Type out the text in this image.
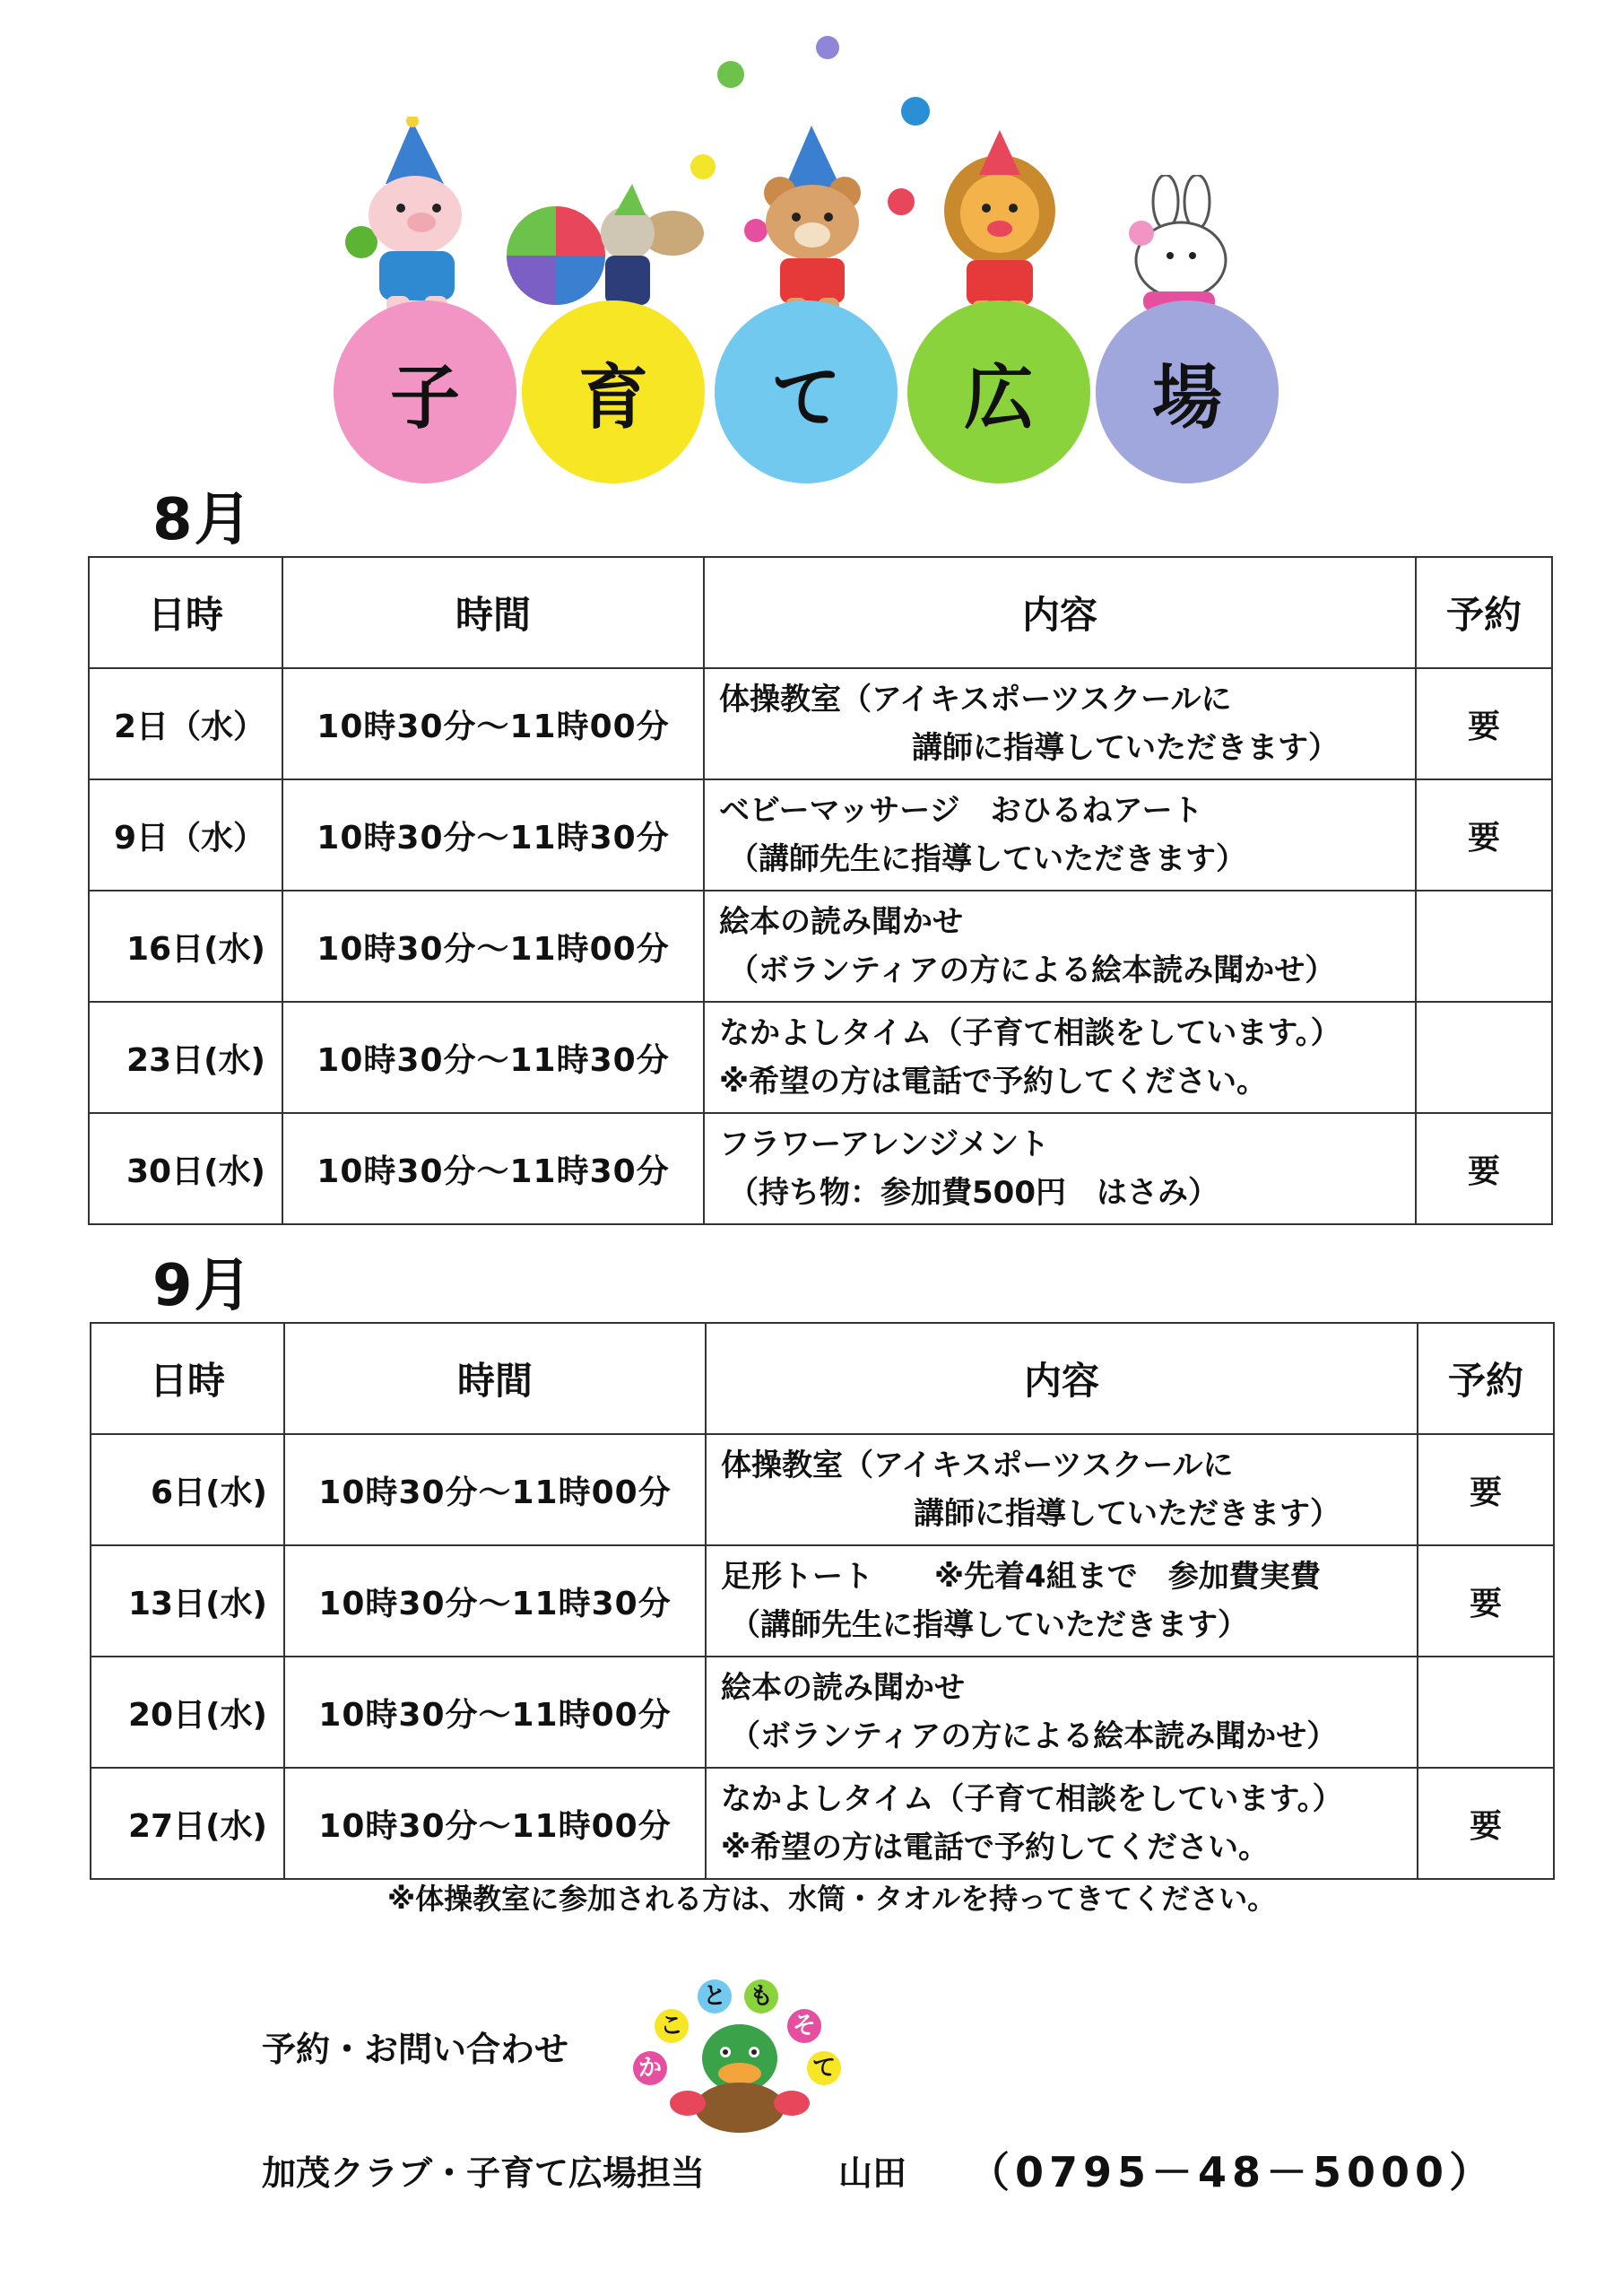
子	育	て	広	場
8月
日時	時間	内容	予約
2日（水）	10時30分～11時00分	体操教室（アイキスポーツスクールに
講師に指導していただきます）	要
9日（水）	10時30分～11時30分	ベビーマッサージ　おひるねアート
（講師先生に指導していただきます）	要
16日(水)	10時30分～11時00分	絵本の読み聞かせ
（ボランティアの方による絵本読み聞かせ）	

23日(水)	10時30分～11時30分	なかよしタイム（子育て相談をしています。）
※希望の方は電話で予約してください。	

30日(水)	10時30分～11時30分	フラワーアレンジメント
（持ち物：参加費500円　はさみ）	要
9月
日時	時間	内容	予約
6日(水)	10時30分～11時00分	体操教室（アイキスポーツスクールに
講師に指導していただきます）	要
13日(水)	10時30分～11時30分	足形トート　　※先着4組まで　参加費実費
（講師先生に指導していただきます）	要
20日(水)	10時30分～11時00分	絵本の読み聞かせ
（ボランティアの方による絵本読み聞かせ）	

27日(水)	10時30分～11時00分	なかよしタイム（子育て相談をしています。）
※希望の方は電話で予約してください。	要
※体操教室に参加される方は、水筒・タオルを持ってきてください。
予約・お問い合わせ	か
こ
と も
そ
て
加茂クラブ・子育て広場担当	山田 （0795－48－5000）
